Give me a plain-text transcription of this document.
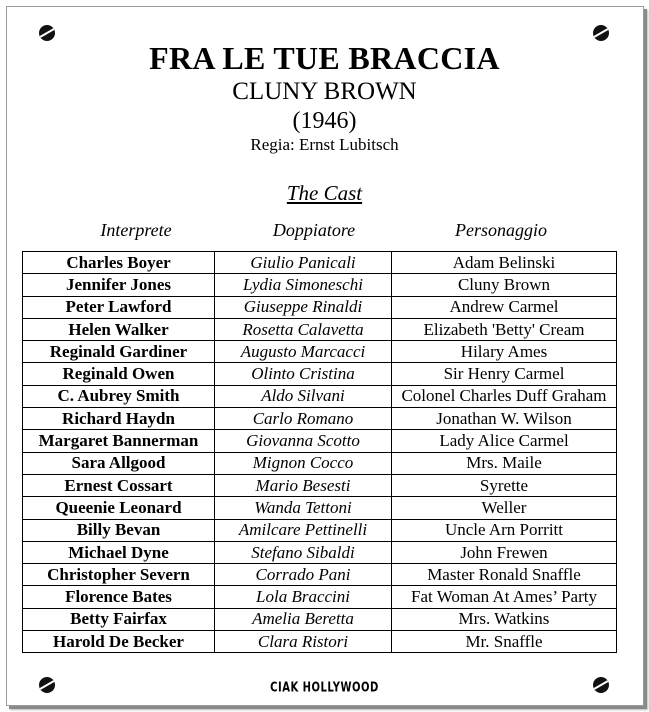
FRA LE TUE BRACCIA
CLUNY BROWN
(1946)
Regia: Ernst Lubitsch
The Cast
Interprete	Doppiatore	Personaggio
Charles Boyer	Giulio Panicali	Adam Belinski
Jennifer Jones	Lydia Simoneschi	Cluny Brown
Peter Lawford	Giuseppe Rinaldi	Andrew Carmel
Helen Walker	Rosetta Calavetta	Elizabeth 'Betty' Cream
Reginald Gardiner	Augusto Marcacci	Hilary Ames
Reginald Owen	Olinto Cristina	Sir Henry Carmel
C. Aubrey Smith	Aldo Silvani	Colonel Charles Duff Graham
Richard Haydn	Carlo Romano	Jonathan W. Wilson
Margaret Bannerman	Giovanna Scotto	Lady Alice Carmel
Sara Allgood	Mignon Cocco	Mrs. Maile
Ernest Cossart	Mario Besesti	Syrette
Queenie Leonard	Wanda Tettoni	Weller
Billy Bevan	Amilcare Pettinelli	Uncle Arn Porritt
Michael Dyne	Stefano Sibaldi	John Frewen
Christopher Severn	Corrado Pani	Master Ronald Snaffle
Florence Bates	Lola Braccini	Fat Woman At Ames’ Party
Betty Fairfax	Amelia Beretta	Mrs. Watkins
Harold De Becker	Clara Ristori	Mr. Snaffle
CIAK HOLLYWOOD
